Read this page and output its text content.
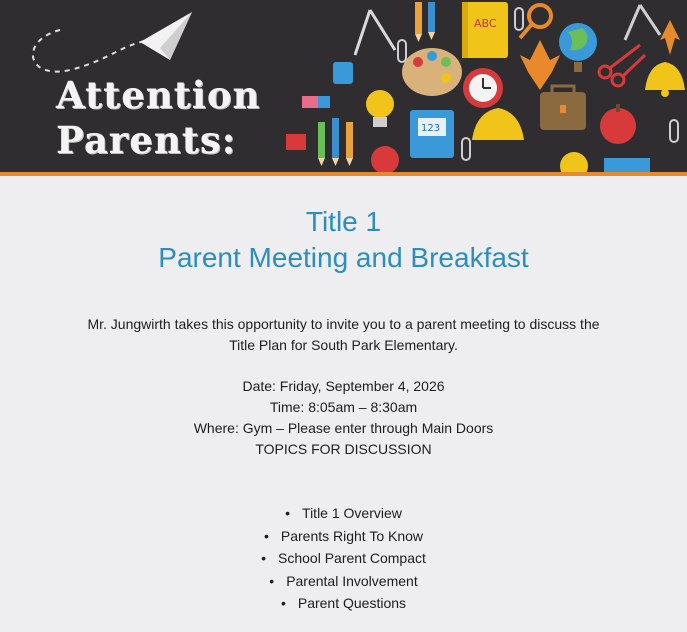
ABC
123
Attention
Parents:
Title 1
Parent Meeting and Breakfast
Mr. Jungwirth takes this opportunity to invite you to a parent meeting to discuss the Title Plan for South Park Elementary.
Date: Friday, September 4, 2026
Time: 8:05am – 8:30am
Where: Gym – Please enter through Main Doors
TOPICS FOR DISCUSSION
• Title 1 Overview
• Parents Right To Know
• School Parent Compact
• Parental Involvement
• Parent Questions
